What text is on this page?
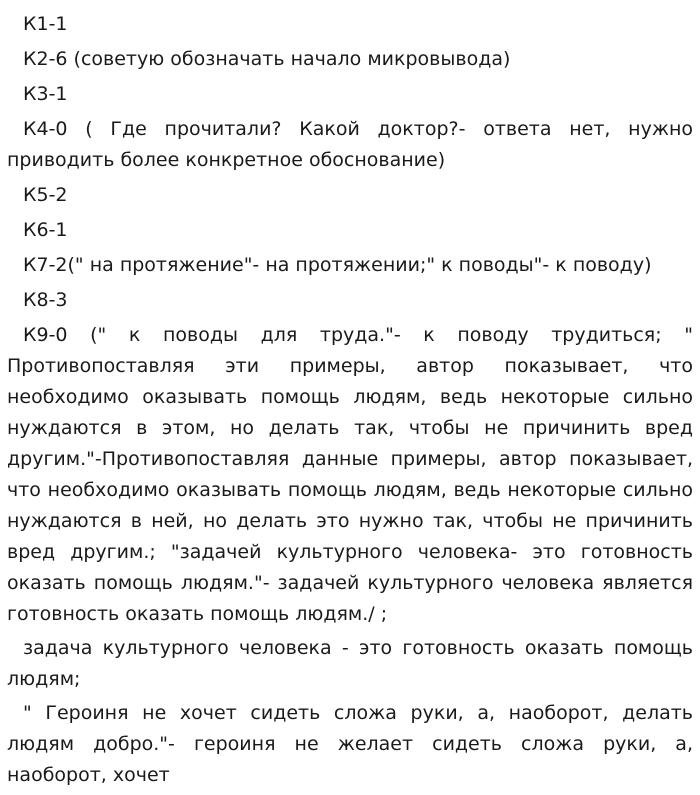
К1-1

К2-6 (советую обозначать начало микровывода)

К3-1

К4-0 ( Где прочитали? Какой доктор?- ответа нет, нужно приводить более конкретное обоснование)

К5-2

К6-1

К7-2(" на протяжение"- на протяжении;" к поводы"- к поводу)

К8-3

К9-0 (" к поводы для труда."- к поводу трудиться; " Противопоставляя эти примеры, автор показывает, что необходимо оказывать помощь людям, ведь некоторые сильно нуждаются в этом, но делать так, чтобы не причинить вред другим."-Противопоставляя данные примеры, автор показывает, что необходимо оказывать помощь людям, ведь некоторые сильно нуждаются в ней, но делать это нужно так, чтобы не причинить вред другим.; "задачей культурного человека- это готовность оказать помощь людям."- задачей культурного человека является готовность оказать помощь людям./ ;

задача культурного человека - это готовность оказать помощь людям;

" Героиня не хочет сидеть сложа руки, а, наоборот, делать людям добро."- героиня не желает сидеть сложа руки, а, наоборот, хочет
